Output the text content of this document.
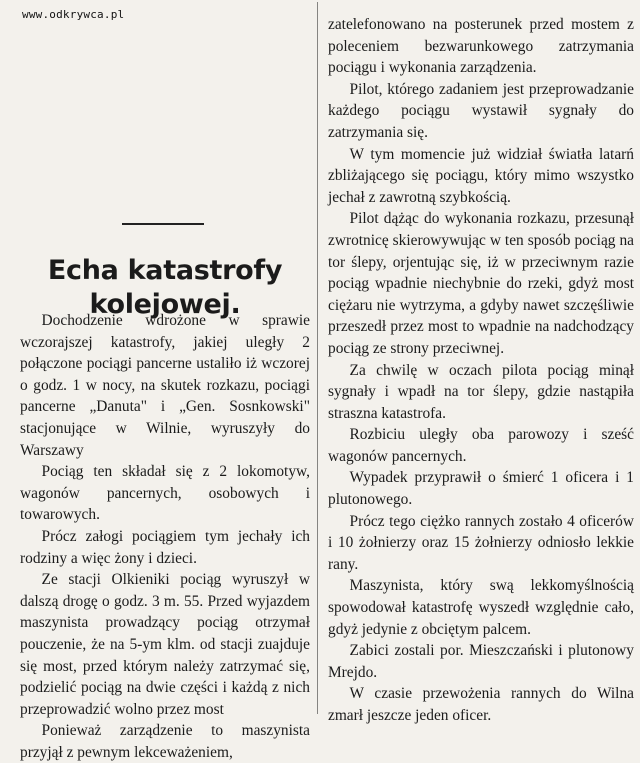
www.odkrywca.pl
Echa katastrofy
kolejowej.

Dochodzenie wdrożone w sprawie wczorajszej katastrofy, jakiej uległy 2 połączone pociągi pancerne ustaliło iż wczorej o godz. 1 w nocy, na skutek rozkazu, pociągi pancerne „Danuta" i „Gen. Sosnkowski" stacjonujące w Wilnie, wyruszyły do Warszawy

Pociąg ten składał się z 2 lokomotyw, wagonów pancernych, osobowych i towarowych.

Prócz załogi pociągiem tym jechały ich rodziny a więc żony i dzieci.

Ze stacji Olkieniki pociąg wyruszył w dalszą drogę o godz. 3 m. 55. Przed wyjazdem maszynista prowadzący pociąg otrzymał pouczenie, że na 5-ym klm. od stacji zuajduje się most, przed którym należy zatrzymać się, podzielić pociąg na dwie części i każdą z nich przeprowadzić wolno przez most

Ponieważ zarządzenie to maszynista przyjął z pewnym lekceważeniem,

zatelefonowano na posterunek przed mostem z poleceniem bezwarunkowego zatrzymania pociągu i wykonania zarządzenia.

Pilot, którego zadaniem jest przeprowadzanie każdego pociągu wystawił sygnały do zatrzymania się.

W tym momencie już widział światła latarń zbliżającego się pociągu, który mimo wszystko jechał z zawrotną szybkością.

Pilot dążąc do wykonania rozkazu, przesunął zwrotnicę skierowywując w ten sposób pociąg na tor ślepy, orjentując się, iż w przeciwnym razie pociąg wpadnie niechybnie do rzeki, gdyż most ciężaru nie wytrzyma, a gdyby nawet szczęśliwie przeszedł przez most to wpadnie na nadchodzący pociąg ze strony przeciwnej.

Za chwilę w oczach pilota pociąg minął sygnały i wpadł na tor ślepy, gdzie nastąpiła straszna katastrofa.

Rozbiciu uległy oba parowozy i sześć wagonów pancernych.

Wypadek przyprawił o śmierć 1 oficera i 1 plutonowego.

Prócz tego ciężko rannych zostało 4 oficerów i 10 żołnierzy oraz 15 żołnierzy odniosło lekkie rany.

Maszynista, który swą lekkomyślnością spowodował katastrofę wyszedł względnie cało, gdyż jedynie z obciętym palcem.

Zabici zostali por. Mieszczański i plutonowy Mrejdo.

W czasie przewożenia rannych do Wilna zmarł jeszcze jeden oficer.
